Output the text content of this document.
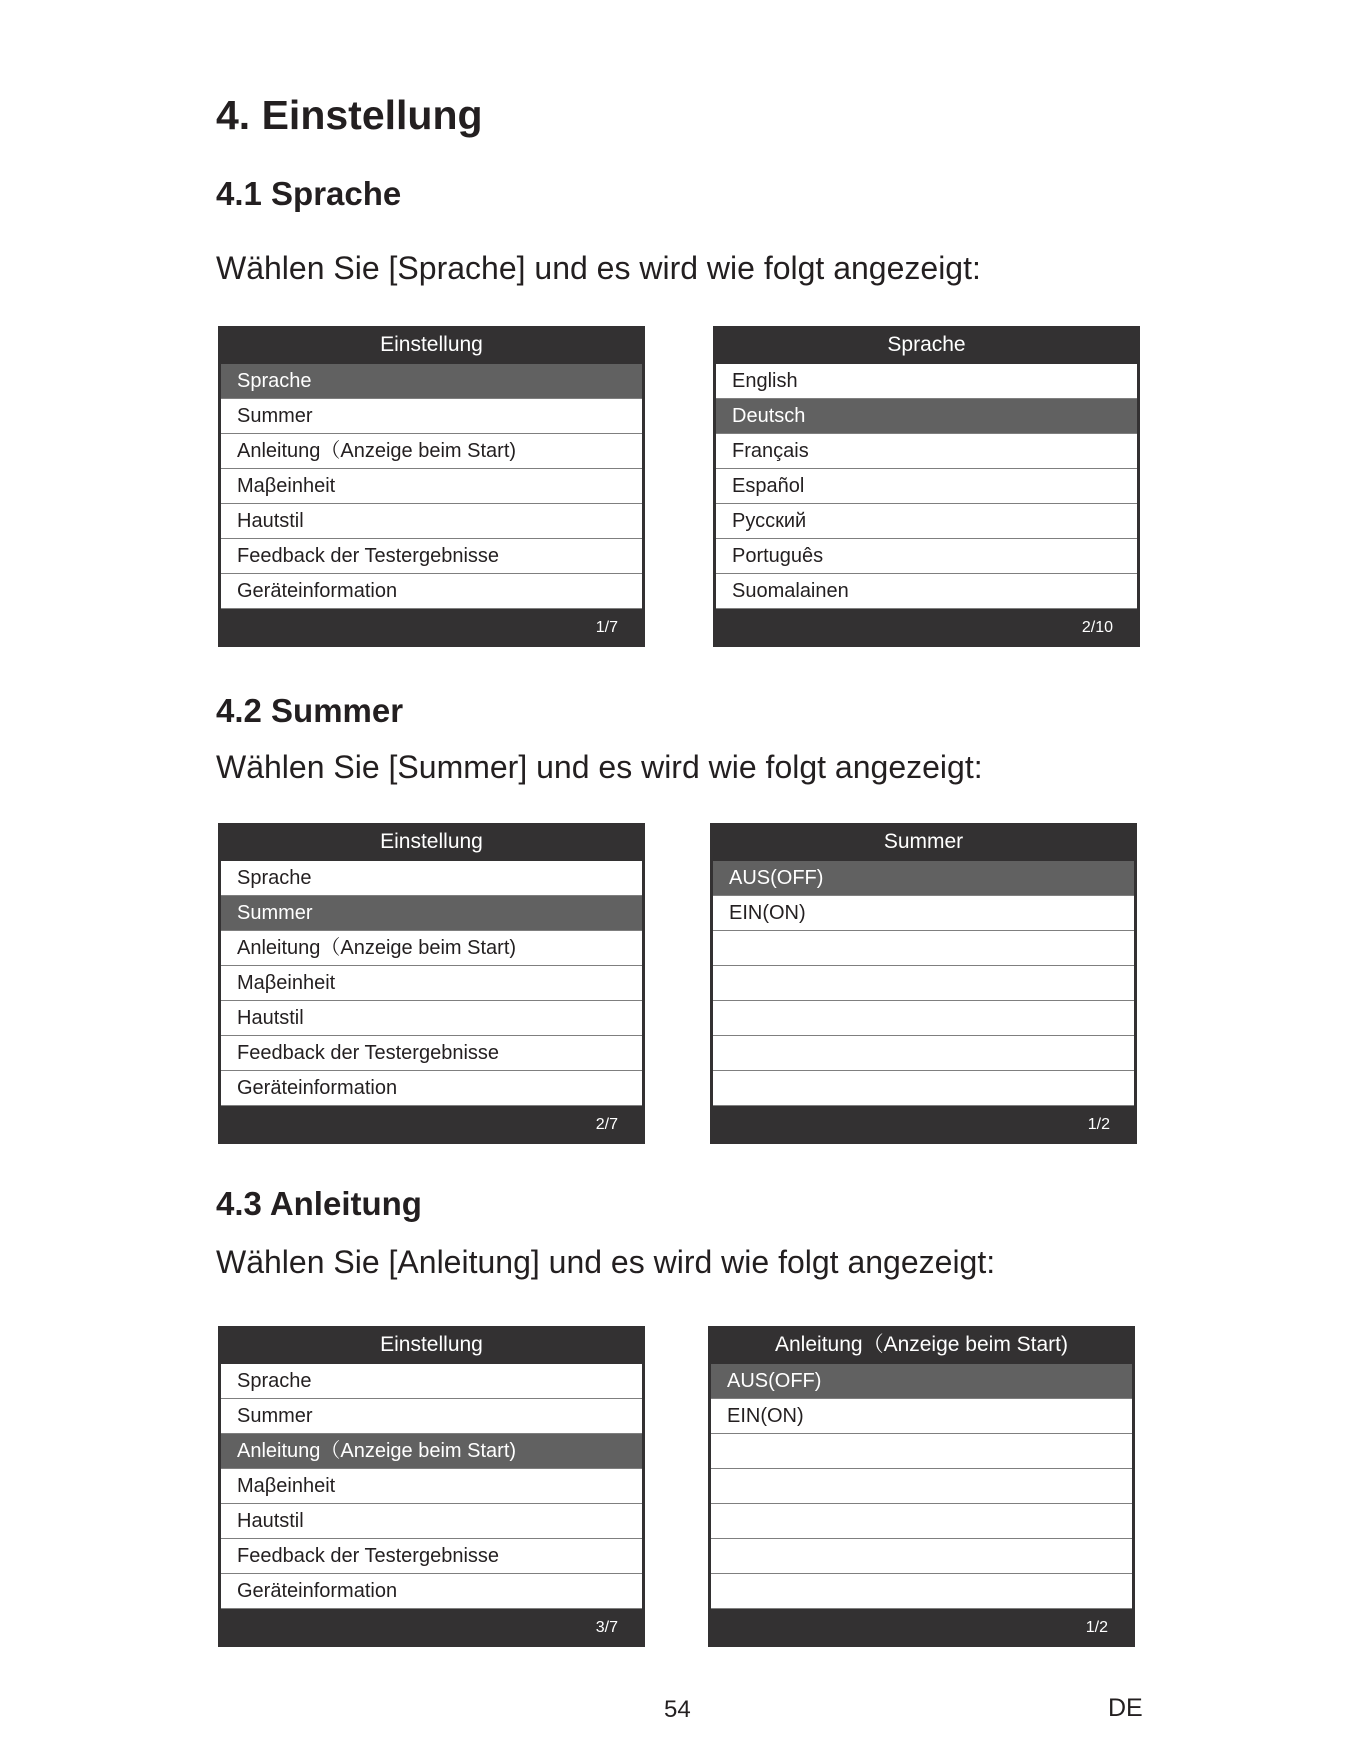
4. Einstellung
4.1 Sprache

Wählen Sie [Sprache] und es wird wie folgt angezeigt:

Einstellung
Sprache
Summer
Anleitung（Anzeige beim Start)
Maβeinheit
Hautstil
Feedback der Testergebnisse
Geräteinformation
1/7
Sprache
English
Deutsch
Français
Español
Русский
Português
Suomalainen
2/10
4.2 Summer

Wählen Sie [Summer] und es wird wie folgt angezeigt:

Einstellung
Sprache
Summer
Anleitung（Anzeige beim Start)
Maβeinheit
Hautstil
Feedback der Testergebnisse
Geräteinformation
2/7
Summer
AUS(OFF)
EIN(ON)
1/2
4.3 Anleitung

Wählen Sie [Anleitung] und es wird wie folgt angezeigt:

Einstellung
Sprache
Summer
Anleitung（Anzeige beim Start)
Maβeinheit
Hautstil
Feedback der Testergebnisse
Geräteinformation
3/7
Anleitung（Anzeige beim Start)
AUS(OFF)
EIN(ON)
1/2
54	DE
